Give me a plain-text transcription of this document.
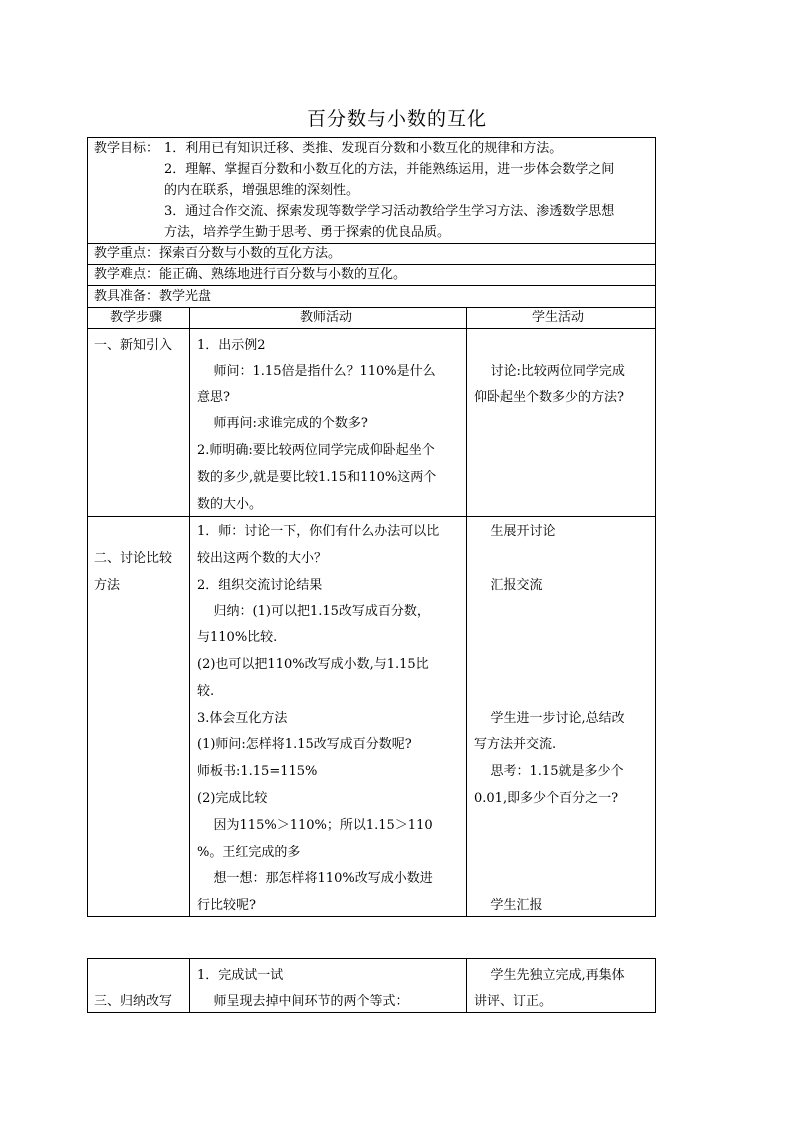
百分数与小数的互化
教学目标： 1．利用已有知识迁移、类推、发现百分数和小数互化的规律和方法。
2．理解、掌握百分数和小数互化的方法，并能熟练运用，进一步体会数学之间
的内在联系，增强思维的深刻性。
3．通过合作交流、探索发现等数学学习活动教给学生学习方法、渗透数学思想
方法，培养学生勤于思考、勇于探索的优良品质。
教学重点：探索百分数与小数的互化方法。
教学难点：能正确、熟练地进行百分数与小数的互化。
教具准备：教学光盘
教学步骤	教师活动	学生活动
一、新知引入 1．出示例2
师问：1.15倍是指什么？110%是什么
意思?
师再问:求谁完成的个数多?
2.师明确:要比较两位同学完成仰卧起坐个
数的多少,就是要比较1.15和110%这两个
数的大小。
讨论:比较两位同学完成
仰卧起坐个数多少的方法?
二、讨论比较
方法
1．师：讨论一下，你们有什么办法可以比
较出这两个数的大小？
2．组织交流讨论结果
归纳：(1)可以把1.15改写成百分数，
与110%比较.
(2)也可以把110%改写成小数,与1.15比
较.
3.体会互化方法
(1)师问:怎样将1.15改写成百分数呢?
师板书:1.15=115%
(2)完成比较
因为115%＞110%；所以1.15＞110
%。王红完成的多
想一想：那怎样将110%改写成小数进
行比较呢?
生展开讨论
汇报交流
学生进一步讨论,总结改
写方法并交流.
思考：1.15就是多少个
0.01,即多少个百分之一?
学生汇报
三、归纳改写
1．完成试一试
师呈现去掉中间环节的两个等式：
学生先独立完成,再集体
讲评、订正。
